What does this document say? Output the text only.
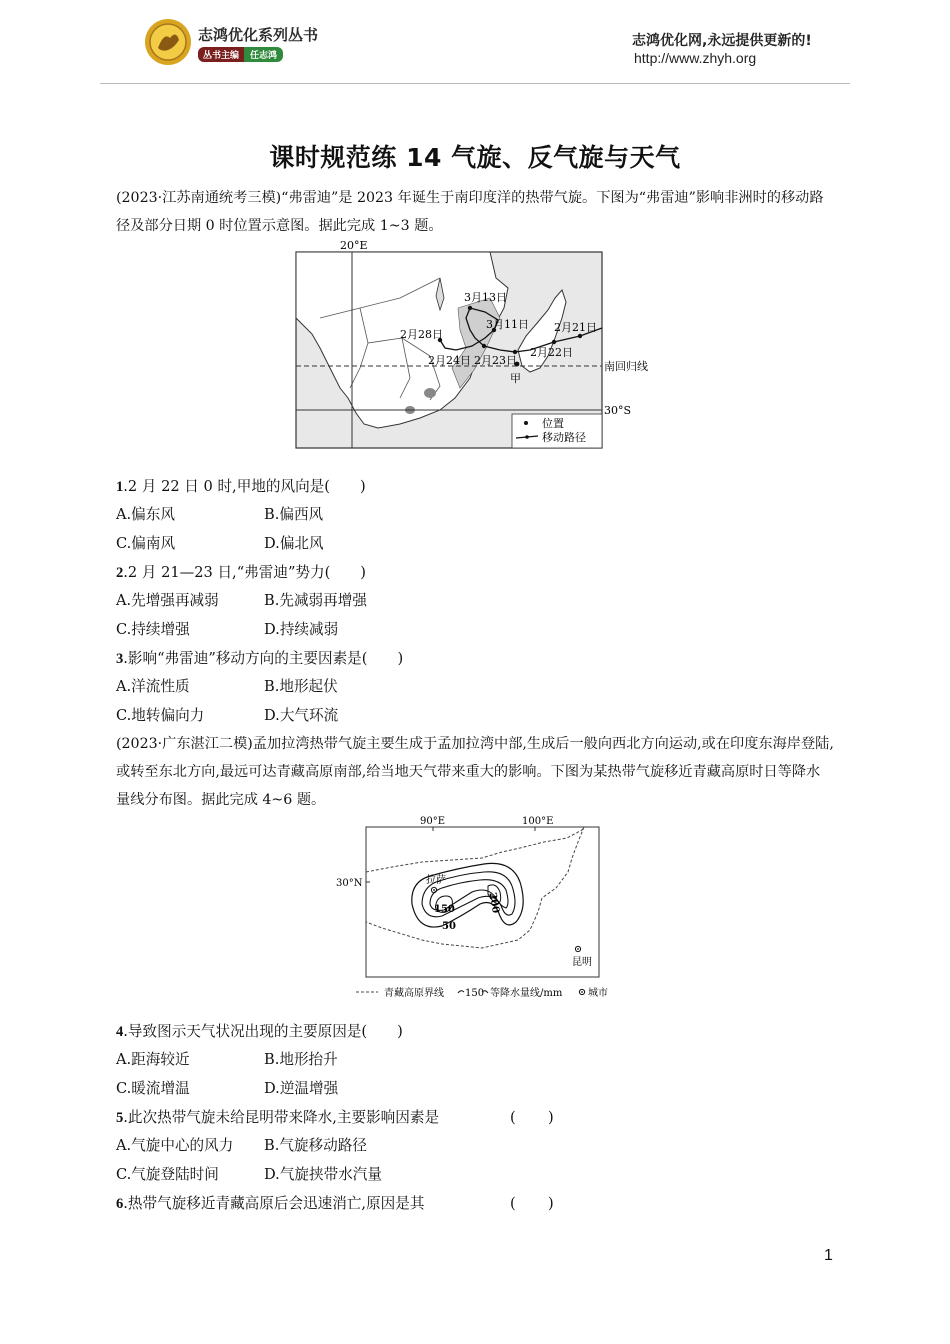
志鸿优化系列丛书
丛书主编 任志鸿
志鸿优化网,永远提供更新的!
http://www.zhyh.org
课时规范练 14 气旋、反气旋与天气
(2023·江苏南通统考三模)“弗雷迪”是 2023 年诞生于南印度洋的热带气旋。下图为“弗雷迪”影响非洲时的移动路径及部分日期 0 时位置示意图。据此完成 1~3 题。
20°E
南回归线
30°S
3月13日
3月11日
2月28日
2月24日 2月23日
2月21日
2月22日
甲
位置
移动路径
1.2 月 22 日 0 时,甲地的风向是( )
A.偏东风	B.偏西风
C.偏南风	D.偏北风
2.2 月 21—23 日,“弗雷迪”势力( )
A.先增强再减弱	B.先减弱再增强
C.持续增强	D.持续减弱
3.影响“弗雷迪”移动方向的主要因素是( )
A.洋流性质	B.地形起伏
C.地转偏向力	D.大气环流
(2023·广东湛江二模)孟加拉湾热带气旋主要生成于孟加拉湾中部,生成后一般向西北方向运动,或在印度东海岸登陆,或转至东北方向,最远可达青藏高原南部,给当地天气带来重大的影响。下图为某热带气旋移近青藏高原时日等降水量线分布图。据此完成 4~6 题。
90°E	100°E
30°N
50
150	200
拉萨
昆明
青藏高原界线 150 等降水量线/mm	城市
4.导致图示天气状况出现的主要原因是( )
A.距海较近	B.地形抬升
C.暖流增温	D.逆温增强
5.此次热带气旋未给昆明带来降水,主要影响因素是	( )
A.气旋中心的风力 B.气旋移动路径
C.气旋登陆时间	D.气旋挟带水汽量
6.热带气旋移近青藏高原后会迅速消亡,原因是其	( )
1
